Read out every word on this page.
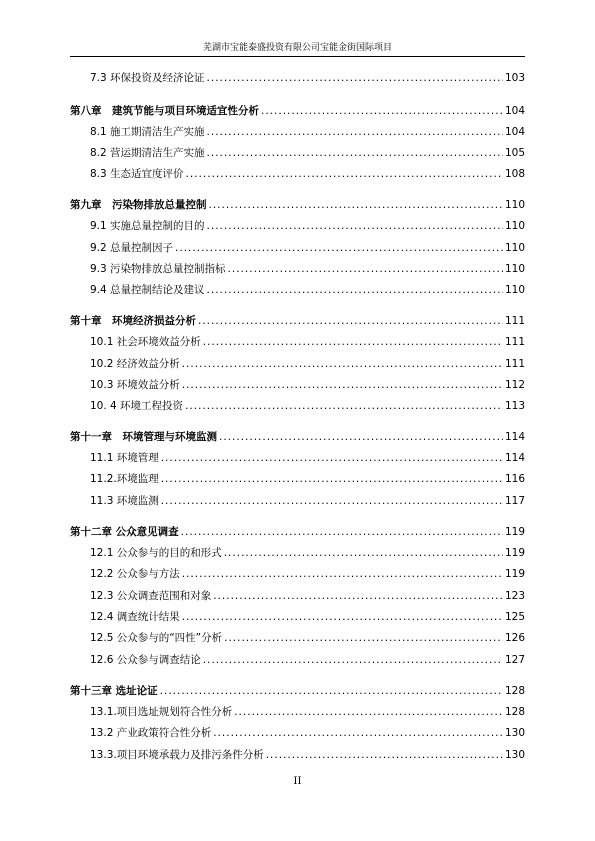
芜湖市宝能泰盛投资有限公司宝能金街国际项目
7.3 环保投资及经济论证 .....	103
第八章　建筑节能与项目环境适宜性分析 .....	104
8.1 施工期清洁生产实施 .....	104
8.2 营运期清洁生产实施 .....	105
8.3 生态适宜度评价 .....	108
第九章　污染物排放总量控制 .....	110
9.1 实施总量控制的目的 .....	110
9.2 总量控制因子 .....	110
9.3 污染物排放总量控制指标 .....	110
9.4 总量控制结论及建议 .....	110
第十章　环境经济损益分析 .....	111
10.1 社会环境效益分析 .....	111
10.2 经济效益分析 .....	111
10.3 环境效益分析 .....	112
10. 4 环境工程投资 .....	113
第十一章　环境管理与环境监测 .....	114
11.1 环境管理 .....	114
11.2.环境监理 .....	116
11.3 环境监测 .....	117
第十二章 公众意见调查 .....	119
12.1 公众参与的目的和形式 .....	119
12.2 公众参与方法 .....	119
12.3 公众调查范围和对象 .....	123
12.4 调查统计结果 .....	125
12.5 公众参与的“四性”分析 .....	126
12.6 公众参与调查结论 .....	127
第十三章 选址论证 .....	128
13.1.项目选址规划符合性分析 .....	128
13.2 产业政策符合性分析 .....	130
13.3.项目环境承载力及排污条件分析 .....	130
II
